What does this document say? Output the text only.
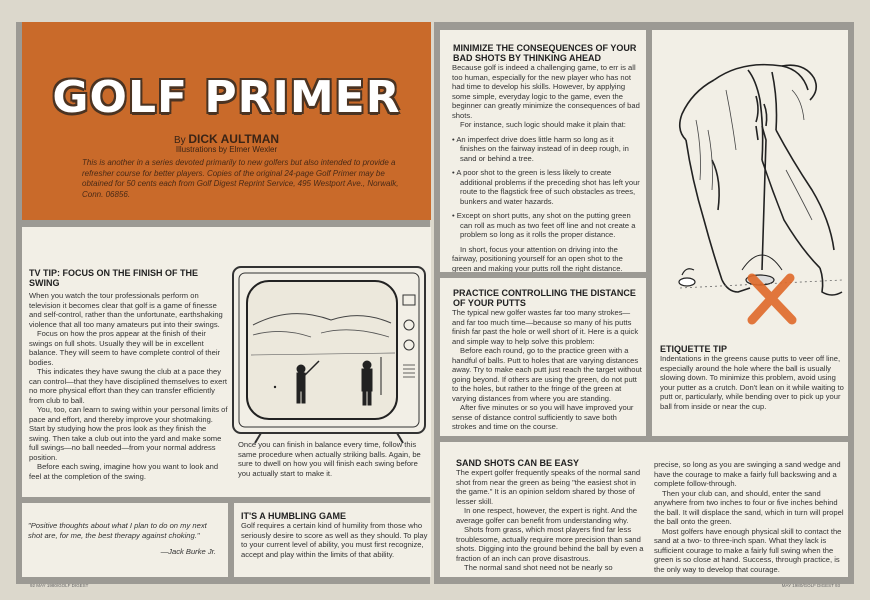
GOLF PRIMER
By DICK AULTMAN
Illustrations by Elmer Wexler
This is another in a series devoted primarily to new golfers but also intended to provide a refresher course for better players. Copies of the original 24-page Golf Primer may be obtained for 50 cents each from Golf Digest Reprint Service, 495 Westport Ave., Norwalk, Conn. 06856.
TV TIP: FOCUS ON THE FINISH OF THE SWING

When you watch the tour professionals perform on television it becomes clear that golf is a game of finesse and self-control, rather than the unfortunate, earthshaking violence that all too many amateurs put into their swings.

Focus on how the pros appear at the finish of their swings on full shots. Usually they will be in excellent balance. They will seem to have complete control of their bodies.

This indicates they have swung the club at a pace they can control—that they have disciplined themselves to exert no more physical effort than they can transfer efficiently from club to ball.

You, too, can learn to swing within your personal limits of pace and effort, and thereby improve your shotmaking. Start by studying how the pros look as they finish the swing. Then take a club out into the yard and make some full swings—no ball needed—from your normal address position.

Before each swing, imagine how you want to look and feel at the completion of the swing.

Once you can finish in balance every time, follow this same procedure when actually striking balls. Again, be sure to dwell on how you will finish each swing before you actually start to make it.
"Positive thoughts about what I plan to do on my next shot are, for me, the best therapy against choking."
—Jack Burke Jr.
IT'S A HUMBLING GAME
Golf requires a certain kind of humility from those who seriously desire to score as well as they should. To play to your current level of ability, you must first recognize, accept and play within the limits of that ability.
MINIMIZE THE CONSEQUENCES OF YOUR BAD SHOTS BY THINKING AHEAD

Because golf is indeed a challenging game, to err is all too human, especially for the new player who has not had time to develop his skills. However, by applying some simple, everyday logic to the game, even the beginner can greatly minimize the consequences of bad shots.

For instance, such logic should make it plain that:

• An imperfect drive does little harm so long as it finishes on the fairway instead of in deep rough, in sand or behind a tree.

• A poor shot to the green is less likely to create additional problems if the preceding shot has left your route to the flagstick free of such obstacles as trees, bunkers and water hazards.

• Except on short putts, any shot on the putting green can roll as much as two feet off line and not create a problem so long as it rolls the proper distance.

In short, focus your attention on driving into the fairway, positioning yourself for an open shot to the green and making your putts roll the right distance.

PRACTICE CONTROLLING THE DISTANCE OF YOUR PUTTS

The typical new golfer wastes far too many strokes—and far too much time—because so many of his putts finish far past the hole or well short of it. Here is a quick and simple way to help solve this problem:

Before each round, go to the practice green with a handful of balls. Putt to holes that are varying distances away. Try to make each putt just reach the target without going beyond. If others are using the green, do not putt to the holes, but rather to the fringe of the green at varying distances from where you are standing.

After five minutes or so you will have improved your sense of distance control sufficiently to save both strokes and time on the course.

ETIQUETTE TIP
Indentations in the greens cause putts to veer off line, especially around the hole where the ball is usually slowing down. To minimize this problem, avoid using your putter as a crutch. Don't lean on it while waiting to putt or, particularly, while bending over to pick up your ball from inside or near the cup.
SAND SHOTS CAN BE EASY

The expert golfer frequently speaks of the normal sand shot from near the green as being "the easiest shot in the game." It is an opinion seldom shared by those of lesser skill.

In one respect, however, the expert is right. And the average golfer can benefit from understanding why.

Shots from grass, which most players find far less troublesome, actually require more precision than sand shots. Digging into the ground behind the ball by even a fraction of an inch can prove disastrous.

The normal sand shot need not be nearly so

precise, so long as you are swinging a sand wedge and have the courage to make a fairly full backswing and a complete follow-through.

Then your club can, and should, enter the sand anywhere from two inches to four or five inches behind the ball. It will displace the sand, which in turn will propel the ball onto the green.

Most golfers have enough physical skill to contact the sand at a two- to three-inch span. What they lack is sufficient courage to make a fairly full swing when the green is so close at hand. Success, through practice, is the only way to develop that courage.

92 MAY 1980/GOLF DIGEST	MAY 1980/GOLF DIGEST 93
